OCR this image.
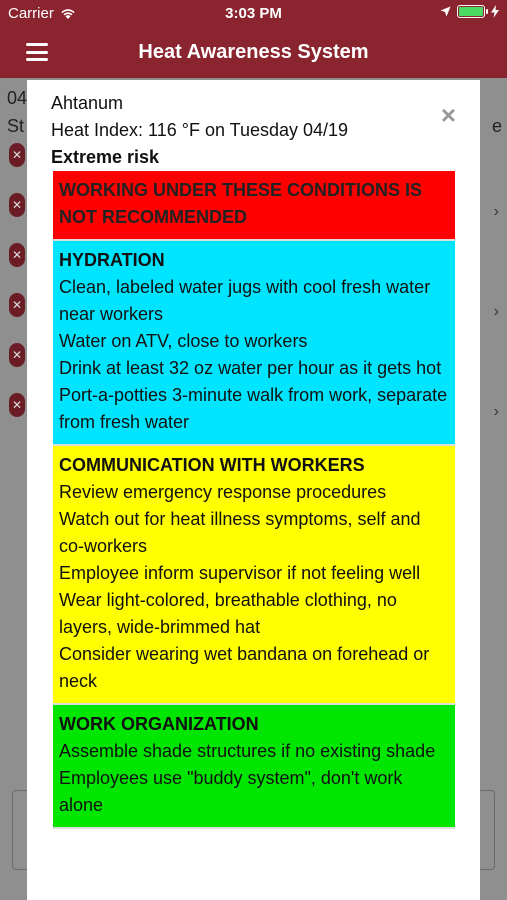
Carrier	3:03 PM
Heat Awareness System
04
St	e
✕
✕
✕
✕
✕
✕
›
›
›
Ahtanum
Heat Index: 116 °F on Tuesday 04/19
Extreme risk
×
WORKING UNDER THESE CONDITIONS IS NOT RECOMMENDED
HYDRATION
Clean, labeled water jugs with cool fresh water near workers
Water on ATV, close to workers
Drink at least 32 oz water per hour as it gets hot
Port-a-potties 3-minute walk from work, separate from fresh water
COMMUNICATION WITH WORKERS
Review emergency response procedures
Watch out for heat illness symptoms, self and co-workers
Employee inform supervisor if not feeling well
Wear light-colored, breathable clothing, no layers, wide-brimmed hat
Consider wearing wet bandana on forehead or neck
WORK ORGANIZATION
Assemble shade structures if no existing shade
Employees use "buddy system", don't work alone
